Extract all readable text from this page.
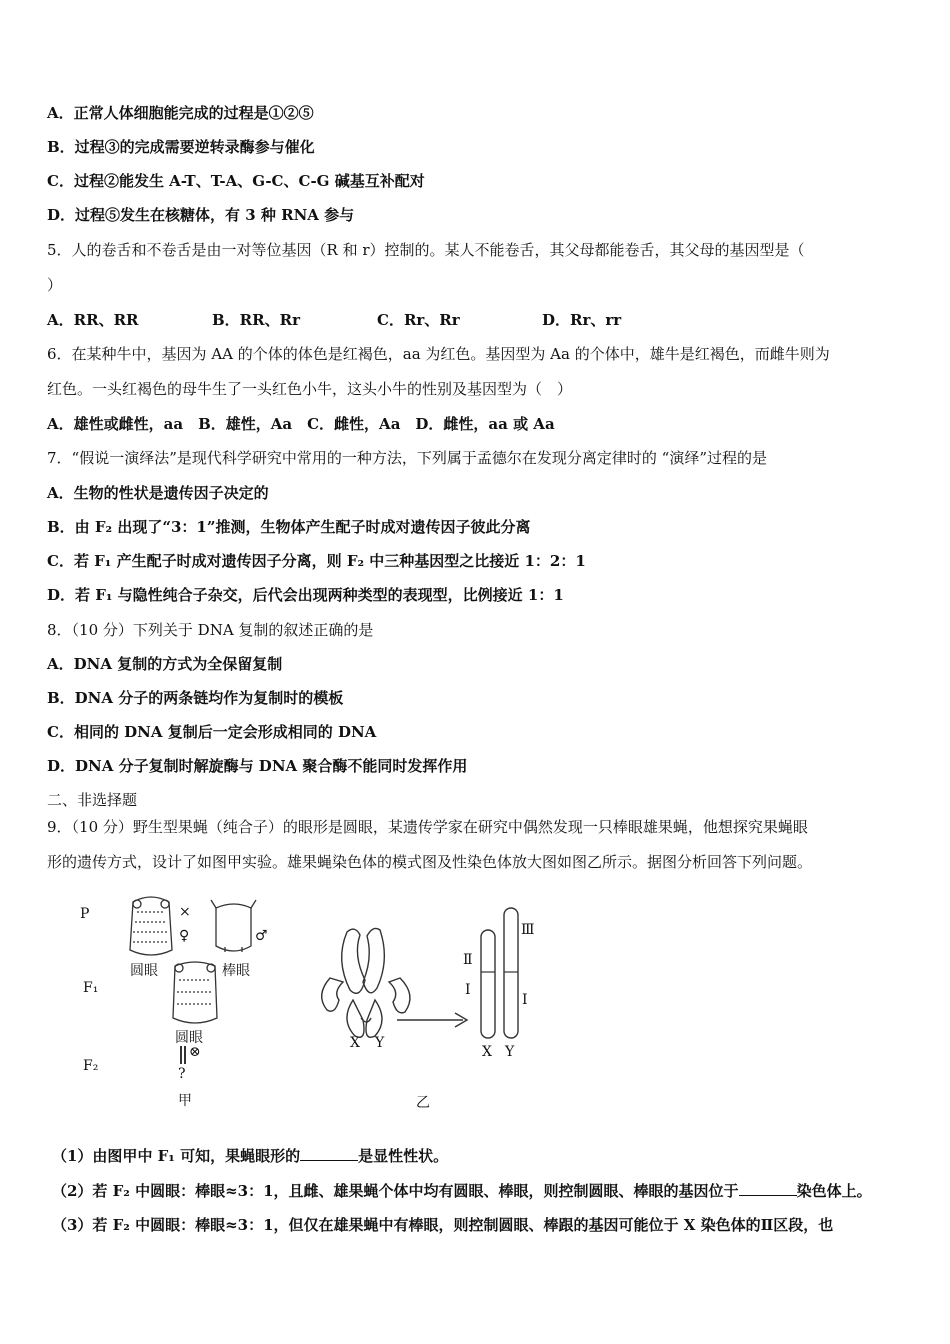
A．正常人体细胞能完成的过程是①②⑤
B．过程③的完成需要逆转录酶参与催化
C．过程②能发生 A-T、T-A、G-C、C-G 碱基互补配对
D．过程⑤发生在核糖体，有 3 种 RNA 参与
5．人的卷舌和不卷舌是由一对等位基因（R 和 r）控制的。某人不能卷舌，其父母都能卷舌，其父母的基因型是（
）
A．RR、RR	B．RR、Rr	C．Rr、Rr	D．Rr、rr
6．在某种牛中，基因为 AA 的个体的体色是红褐色，aa 为红色。基因型为 Aa 的个体中，雄牛是红褐色，而雌牛则为
红色。一头红褐色的母牛生了一头红色小牛，这头小牛的性别及基因型为（　）
A．雄性或雌性，aa　B．雄性，Aa　C．雌性，Aa　D．雌性，aa 或 Aa
7．“假说一演绎法”是现代科学研究中常用的一种方法，下列属于孟德尔在发现分离定律时的 “演绎”过程的是
A．生物的性状是遗传因子决定的
B．由 F₂ 出现了“3：1”推测，生物体产生配子时成对遗传因子彼此分离
C．若 F₁ 产生配子时成对遗传因子分离，则 F₂ 中三种基因型之比接近 1：2：1
D．若 F₁ 与隐性纯合子杂交，后代会出现两种类型的表现型，比例接近 1：1
8．（10 分）下列关于 DNA 复制的叙述正确的是
A．DNA 复制的方式为全保留复制
B．DNA 分子的两条链均作为复制时的模板
C．相同的 DNA 复制后一定会形成相同的 DNA
D．DNA 分子复制时解旋酶与 DNA 聚合酶不能同时发挥作用
二、非选择题
9．（10 分）野生型果蝇（纯合子）的眼形是圆眼，某遗传学家在研究中偶然发现一只棒眼雄果蝇，他想探究果蝇眼
形的遗传方式，设计了如图甲实验。雄果蝇染色体的模式图及性染色体放大图如图乙所示。据图分析回答下列问题。
P
F₁
F₂
×
♀	♂
圆眼	棒眼
圆眼
⊗
?
甲
X Y
Ⅱ
Ⅰ
Ⅲ
Ⅰ
X Y
乙
（1）由图甲中 F₁ 可知，果蝇眼形的	是显性性状。
（2）若 F₂ 中圆眼：棒眼≈3：1，且雌、雄果蝇个体中均有圆眼、棒眼，则控制圆眼、棒眼的基因位于	染色体上。
（3）若 F₂ 中圆眼：棒眼≈3：1，但仅在雄果蝇中有棒眼，则控制圆眼、棒跟的基因可能位于 X 染色体的Ⅱ区段，也
